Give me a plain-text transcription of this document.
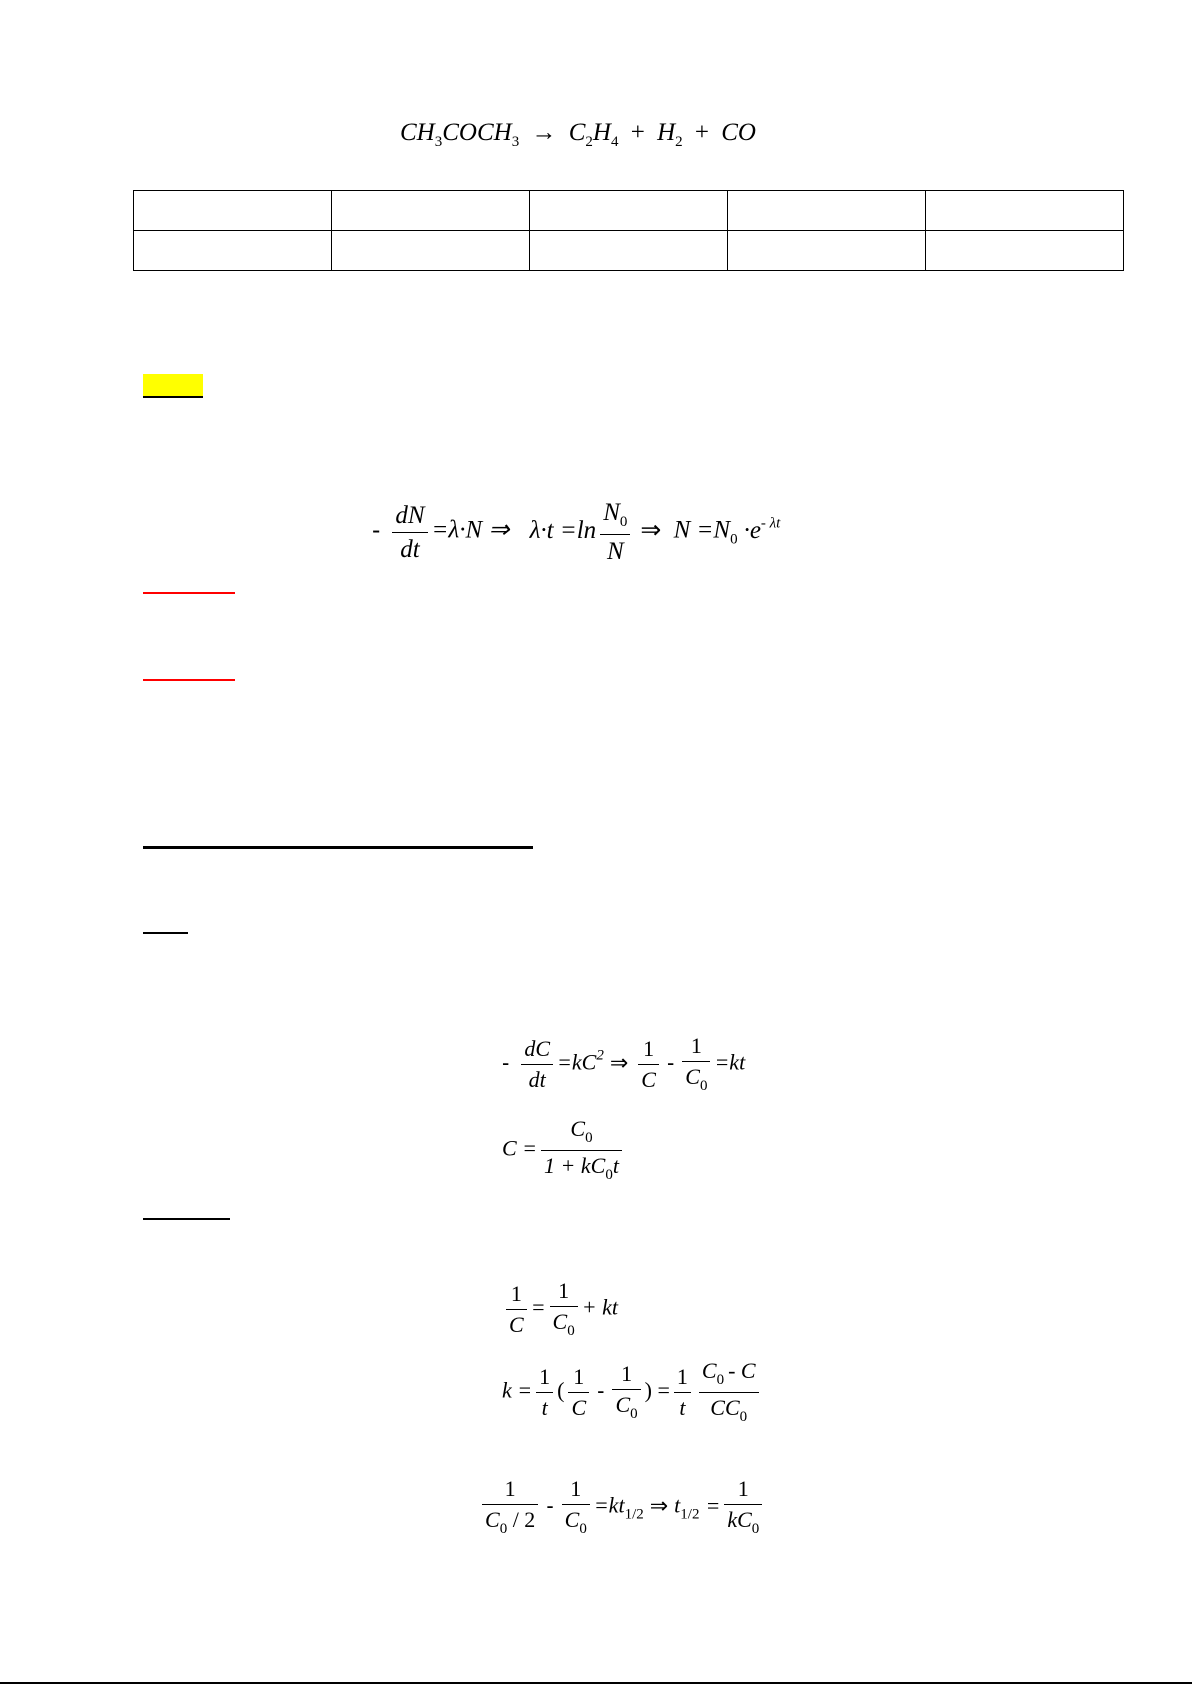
$CH_3COCH_3 \to C_2H_4 + H_2$ + CO

- $\frac{dN}{dt} =\lambda\cdot N$ ⇒ $\lambda\cdot t =\ln \frac{N_0}{N}$ ⇒ $N =N_0 \cdot e^{- \lambda t}$
- $\frac{dC}{dt} =kC^2$ ⇒ $\frac{1}{C} - \frac{1}{C_0} =kt$
$C = \frac{C_0}{1 + kC_0t}$
$\frac{1}{C} = \frac{1}{C_0}$ + kt
$k = \frac{1}{t}$ ( $\frac{1}{C} - \frac{1}{C_0}$ ) = $\frac{1}{t} \frac{C_0 - C}{CC_0}$
$\frac{1}{C_0 / 2} - \frac{1}{C_0} =kt_{1/2}$ ⇒ $t_{1/2} = \frac{1}{kC_0}$
